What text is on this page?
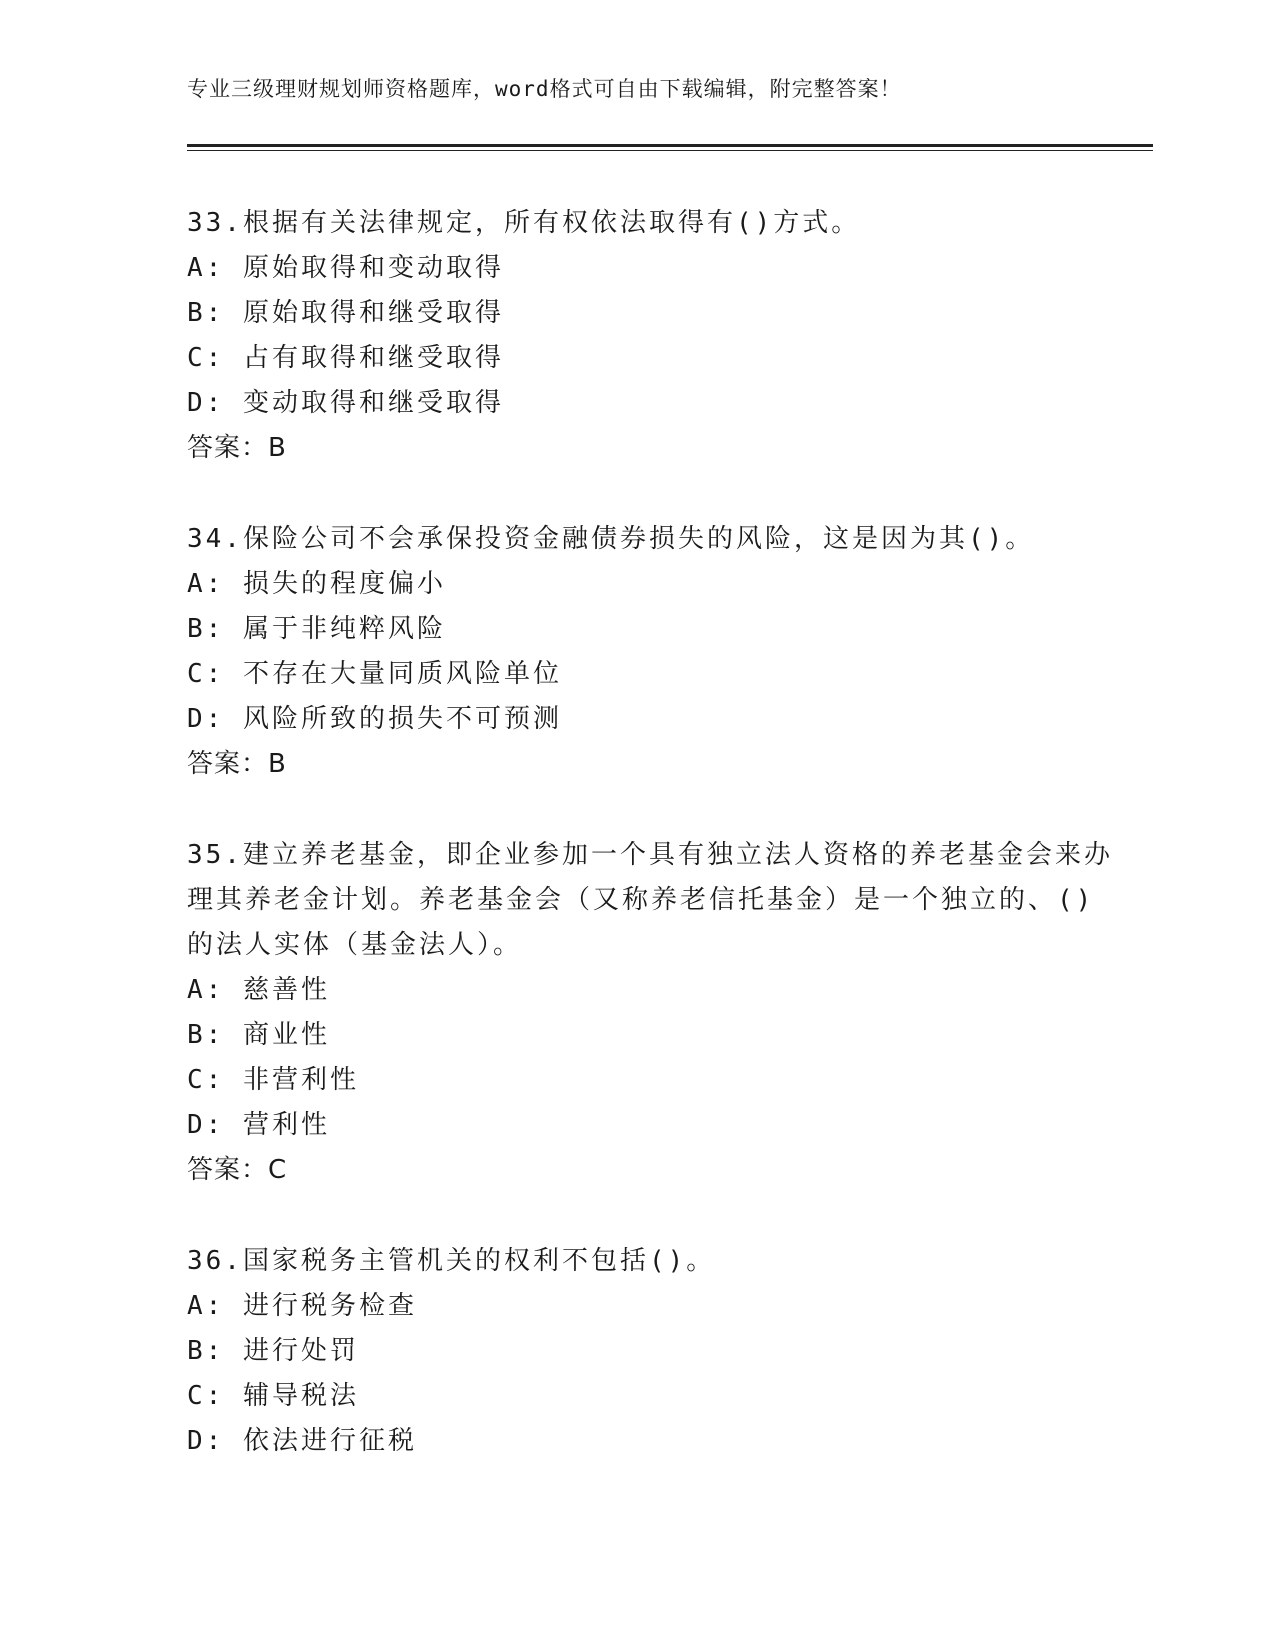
专业三级理财规划师资格题库，word格式可自由下载编辑，附完整答案！

33.根据有关法律规定，所有权依法取得有()方式。

A: 原始取得和变动取得

B: 原始取得和继受取得

C: 占有取得和继受取得

D: 变动取得和继受取得

答案：B

34.保险公司不会承保投资金融债券损失的风险，这是因为其()。

A: 损失的程度偏小

B: 属于非纯粹风险

C: 不存在大量同质风险单位

D: 风险所致的损失不可预测

答案：B

35.建立养老基金，即企业参加一个具有独立法人资格的养老基金会来办理其养老金计划。养老基金会（又称养老信托基金）是一个独立的、()的法人实体（基金法人）。

A: 慈善性

B: 商业性

C: 非营利性

D: 营利性

答案：C

36.国家税务主管机关的权利不包括()。

A: 进行税务检查

B: 进行处罚

C: 辅导税法

D: 依法进行征税
